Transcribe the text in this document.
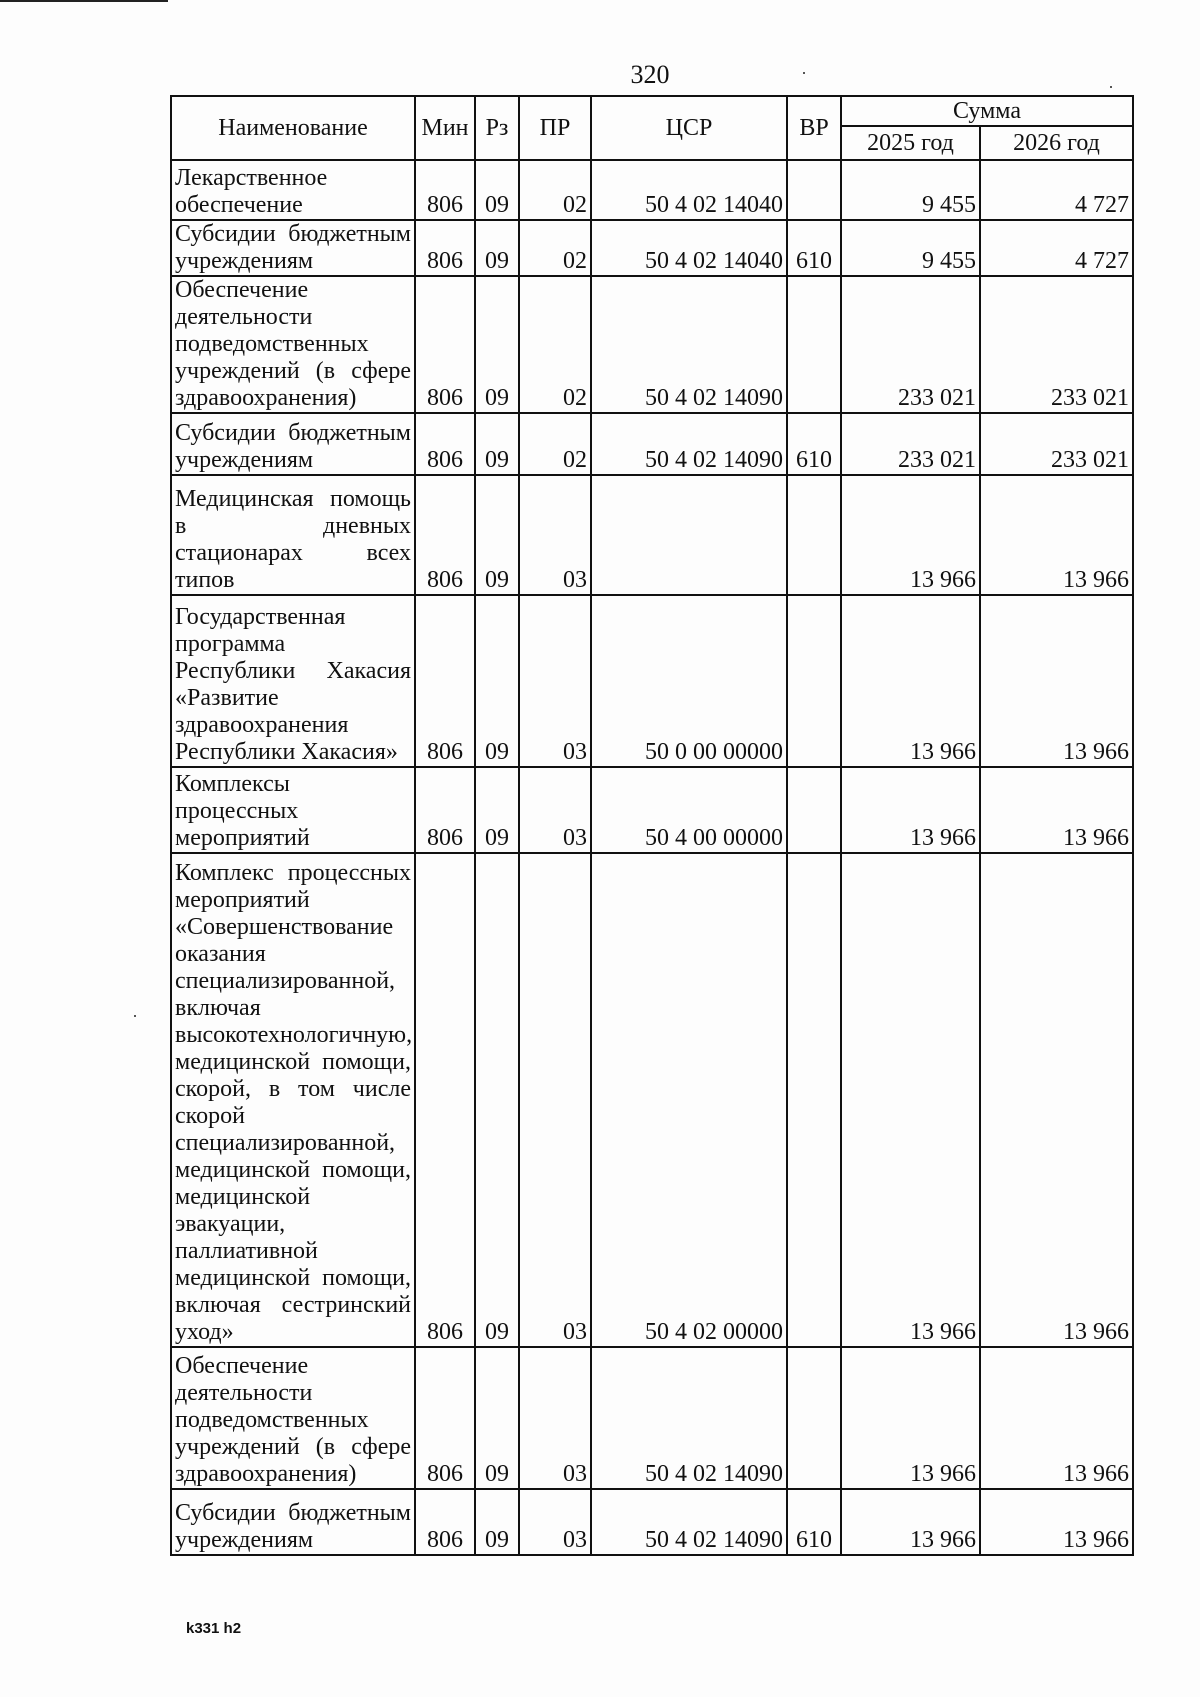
320
Наименование	Мин	Рз	ПР	ЦСР	ВР	Сумма	
						2025 год	2026 год
Лекарственное обеспечение	806	09	02	50 4 02 14040		9 455	4 727
Субсидии бюджетным учреждениям	806	09	02	50 4 02 14040	610	9 455	4 727
Обеспечение деятельности подведомственных учреждений (в сфере здравоохранения)	806	09	02	50 4 02 14090		233 021	233 021
Субсидии бюджетным учреждениям	806	09	02	50 4 02 14090	610	233 021	233 021
Медицинская помощь в дневных стационарах всех типов	806	09	03			13 966	13 966
Государственная программа Республики Хакасия «Развитие здравоохранения Республики Хакасия»	806	09	03	50 0 00 00000		13 966	13 966
Комплексы процессных мероприятий	806	09	03	50 4 00 00000		13 966	13 966
Комплекс процессных мероприятий «Совершенствование оказания специализированной, включая высокотехнологичную, медицинской помощи, скорой, в том числе скорой специализированной, медицинской помощи, медицинской эвакуации, паллиативной медицинской помощи, включая сестринский уход»	806	09	03	50 4 02 00000		13 966	13 966
Обеспечение деятельности подведомственных учреждений (в сфере здравоохранения)	806	09	03	50 4 02 14090		13 966	13 966
Субсидии бюджетным учреждениям	806	09	03	50 4 02 14090	610	13 966	13 966
k331 h2
